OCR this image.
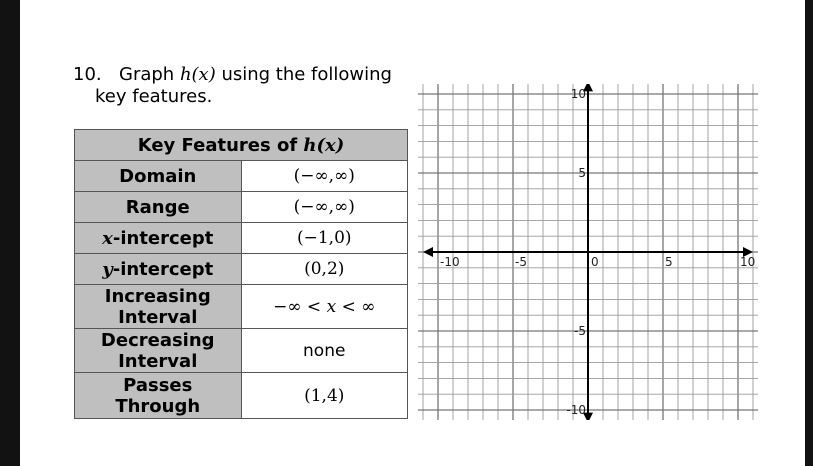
10. Graph h(x) using the following
key features.
Key Features of h(x)	
Domain	(−∞,∞)
Range	(−∞,∞)
x-intercept	(−1,0)
y-intercept	(0,2)
Increasing
Interval	−∞ < x < ∞
Decreasing
Interval	none
Passes
Through	(1,4)
-10	-5	0	5	10
10
5
-5
-10
